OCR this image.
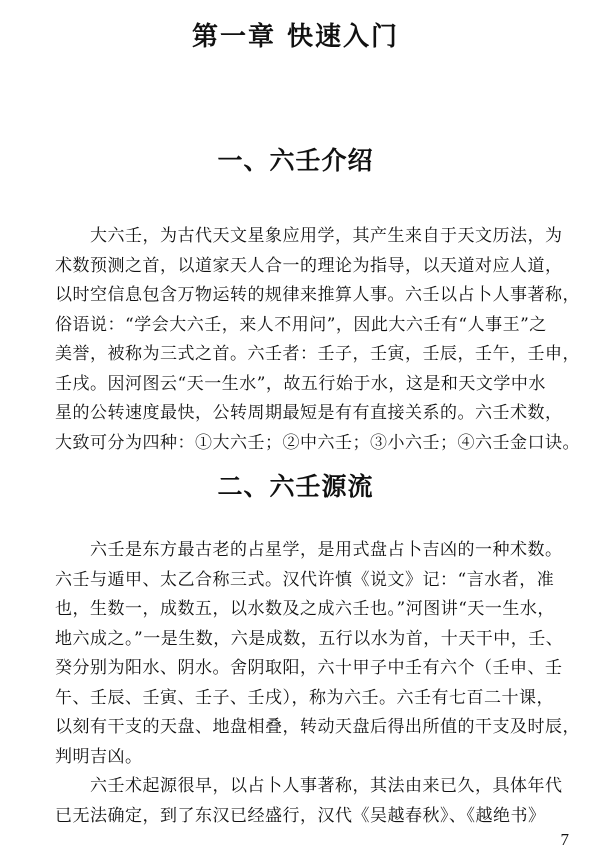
第一章 快速入门
一、六壬介绍
　　大六壬，为古代天文星象应用学，其产生来自于天文历法，为
术数预测之首，以道家天人合一的理论为指导，以天道对应人道，
以时空信息包含万物运转的规律来推算人事。六壬以占卜人事著称，
俗语说：“学会大六壬，来人不用问”，因此大六壬有“人事王”之
美誉，被称为三式之首。六壬者：壬子，壬寅，壬辰，壬午，壬申，
壬戌。因河图云“天一生水”，故五行始于水，这是和天文学中水
星的公转速度最快，公转周期最短是有有直接关系的。六壬术数，
大致可分为四种：①大六壬；②中六壬；③小六壬；④六壬金口诀。
二、六壬源流
　　六壬是东方最古老的占星学，是用式盘占卜吉凶的一种术数。
六壬与遁甲、太乙合称三式。汉代许慎《说文》记：“言水者，准
也，生数一，成数五，以水数及之成六壬也。”河图讲“天一生水，
地六成之。”一是生数，六是成数，五行以水为首，十天干中，壬、
癸分别为阳水、阴水。舍阴取阳，六十甲子中壬有六个（壬申、壬
午、壬辰、壬寅、壬子、壬戌），称为六壬。六壬有七百二十课，
以刻有干支的天盘、地盘相叠，转动天盘后得出所值的干支及时辰，
判明吉凶。
　　六壬术起源很早，以占卜人事著称，其法由来已久，具体年代
已无法确定，到了东汉已经盛行，汉代《吴越春秋》、《越绝书》

7
